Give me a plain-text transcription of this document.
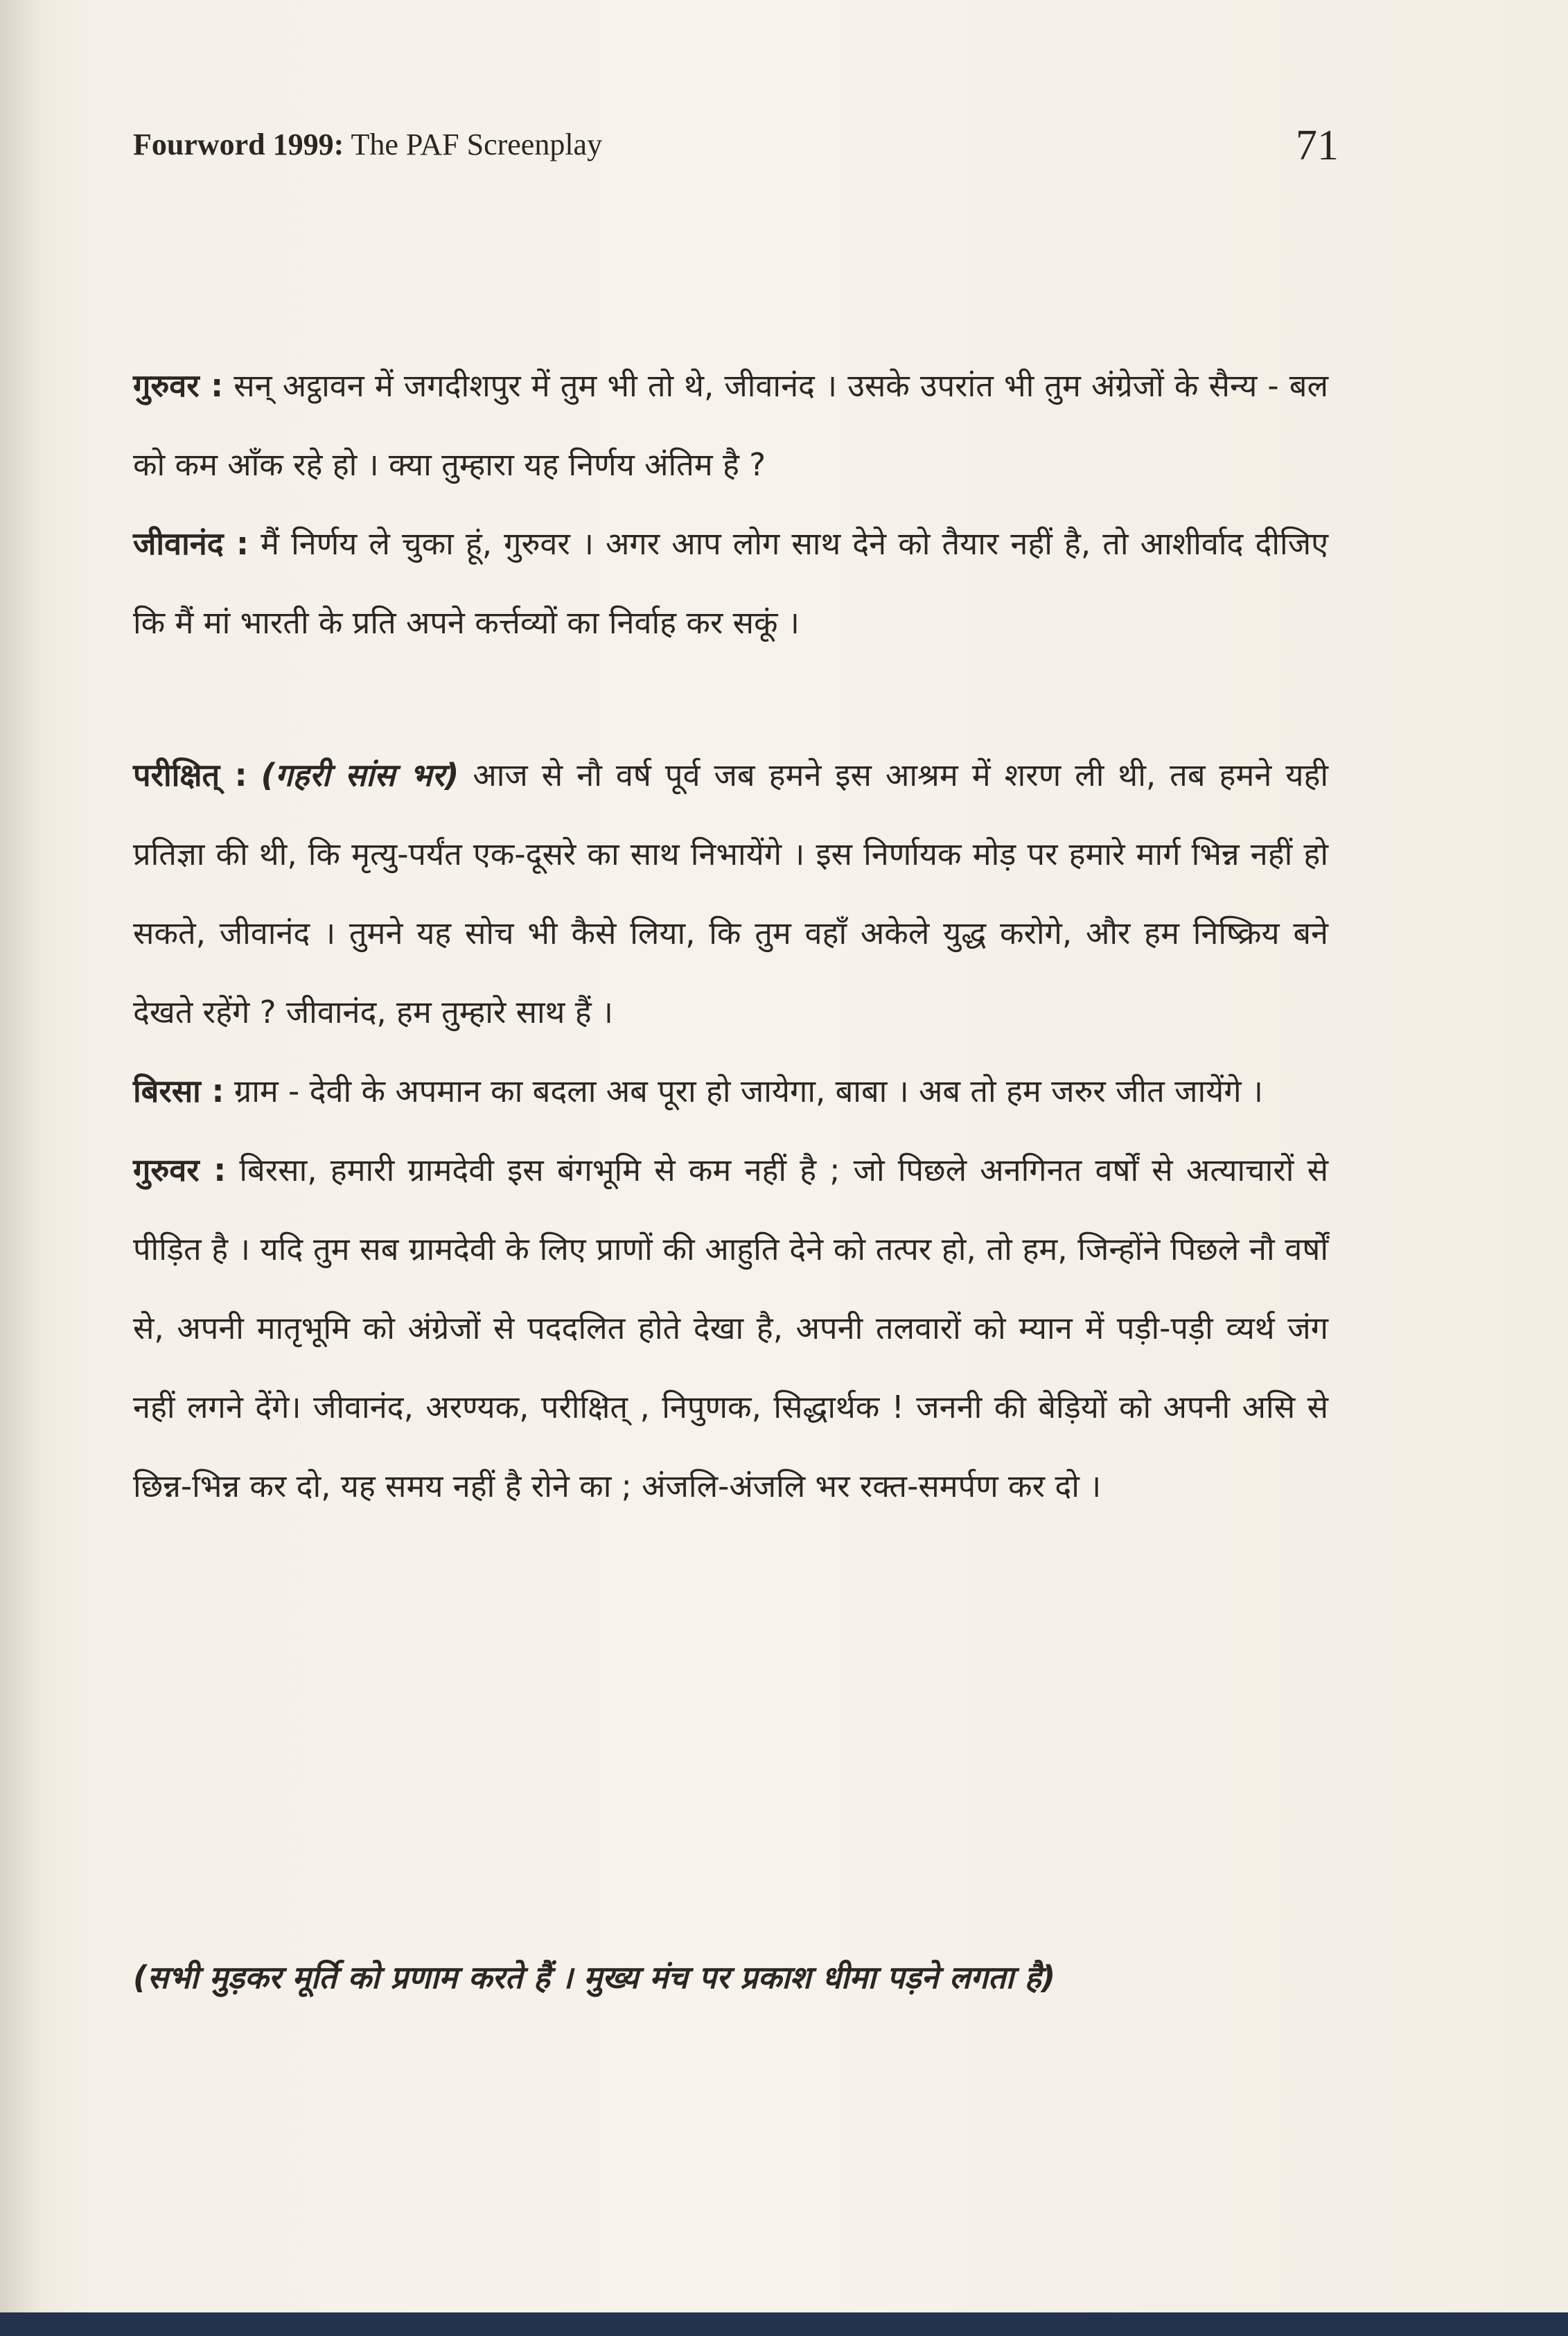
Fourword 1999: The PAF Screenplay	71

गुरुवर : सन् अट्ठावन में जगदीशपुर में तुम भी तो थे, जीवानंद । उसके उपरांत भी तुम अंग्रेजों के सैन्य - बल को कम आँक रहे हो । क्या तुम्हारा यह निर्णय अंतिम है ?

जीवानंद : मैं निर्णय ले चुका हूं, गुरुवर । अगर आप लोग साथ देने को तैयार नहीं है, तो आशीर्वाद दीजिए कि मैं मां भारती के प्रति अपने कर्त्तव्यों का निर्वाह कर सकूं ।

परीक्षित् : (गहरी सांस भर) आज से नौ वर्ष पूर्व जब हमने इस आश्रम में शरण ली थी, तब हमने यही प्रतिज्ञा की थी, कि मृत्यु-पर्यंत एक-दूसरे का साथ निभायेंगे । इस निर्णायक मोड़ पर हमारे मार्ग भिन्न नहीं हो सकते, जीवानंद । तुमने यह सोच भी कैसे लिया, कि तुम वहाँ अकेले युद्ध करोगे, और हम निष्क्रिय बने देखते रहेंगे ? जीवानंद, हम तुम्हारे साथ हैं ।

बिरसा : ग्राम - देवी के अपमान का बदला अब पूरा हो जायेगा, बाबा । अब तो हम जरुर जीत जायेंगे ।

गुरुवर : बिरसा, हमारी ग्रामदेवी इस बंगभूमि से कम नहीं है ; जो पिछले अनगिनत वर्षों से अत्याचारों से पीड़ित है । यदि तुम सब ग्रामदेवी के लिए प्राणों की आहुति देने को तत्पर हो, तो हम, जिन्होंने पिछले नौ वर्षों से, अपनी मातृभूमि को अंग्रेजों से पददलित होते देखा है, अपनी तलवारों को म्यान में पड़ी-पड़ी व्यर्थ जंग नहीं लगने देंगे। जीवानंद, अरण्यक, परीक्षित् , निपुणक, सिद्धार्थक ! जननी की बेड़ियों को अपनी असि से छिन्न-भिन्न कर दो, यह समय नहीं है रोने का ; अंजलि-अंजलि भर रक्त-समर्पण कर दो ।

(सभी मुड़कर मूर्ति को प्रणाम करते हैं । मुख्य मंच पर प्रकाश धीमा पड़ने लगता है)
